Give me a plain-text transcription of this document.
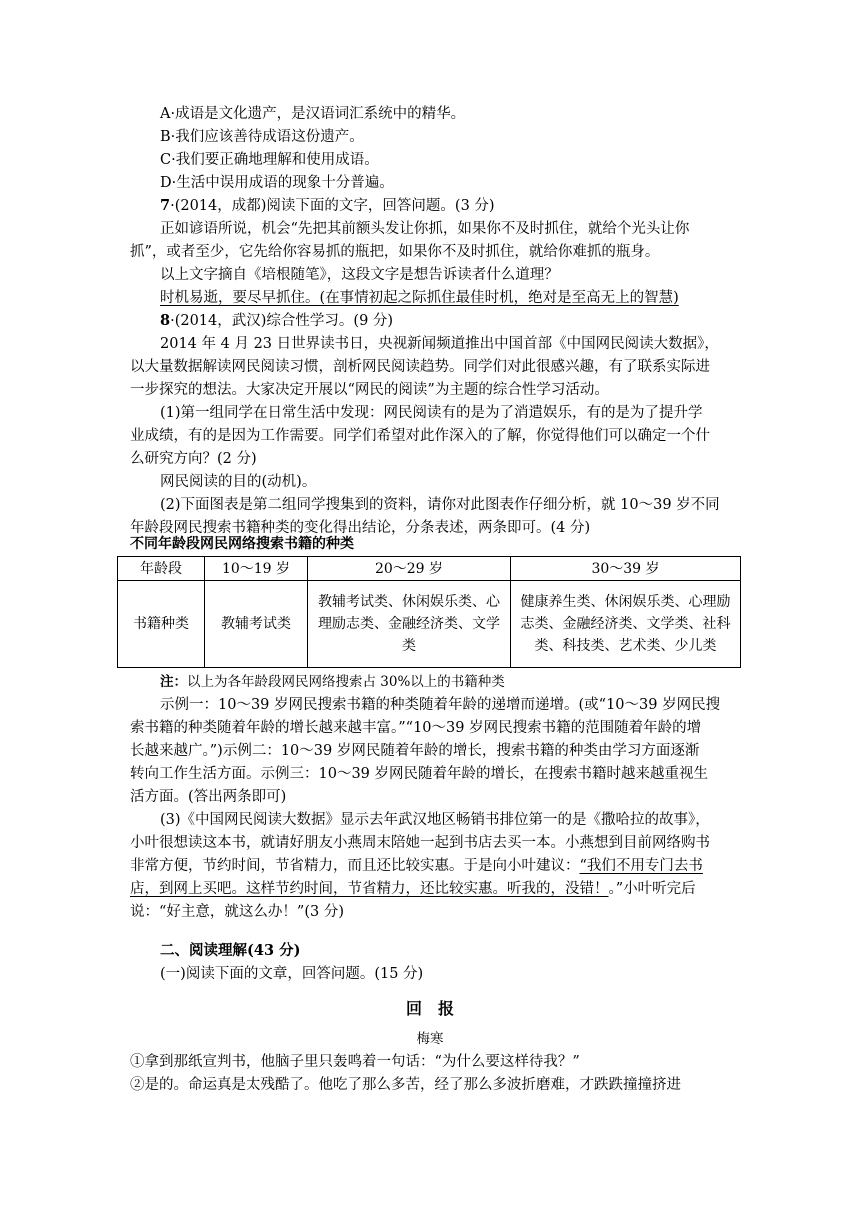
A·成语是文化遗产，是汉语词汇系统中的精华。
B·我们应该善待成语这份遗产。
C·我们要正确地理解和使用成语。
D·生活中误用成语的现象十分普遍。
7·(2014，成都)阅读下面的文字，回答问题。(3 分)
正如谚语所说，机会“先把其前额头发让你抓，如果你不及时抓住，就给个光头让你
抓”，或者至少，它先给你容易抓的瓶把，如果你不及时抓住，就给你难抓的瓶身。
以上文字摘自《培根随笔》，这段文字是想告诉读者什么道理？
时机易逝，要尽早抓住。(在事情初起之际抓住最佳时机，绝对是至高无上的智慧)
8·(2014，武汉)综合性学习。(9 分)
2014 年 4 月 23 日世界读书日，央视新闻频道推出中国首部《中国网民阅读大数据》，
以大量数据解读网民阅读习惯，剖析网民阅读趋势。同学们对此很感兴趣，有了联系实际进
一步探究的想法。大家决定开展以“网民的阅读”为主题的综合性学习活动。
(1)第一组同学在日常生活中发现：网民阅读有的是为了消遣娱乐，有的是为了提升学
业成绩，有的是因为工作需要。同学们希望对此作深入的了解，你觉得他们可以确定一个什
么研究方向？(2 分)
网民阅读的目的(动机)。
(2)下面图表是第二组同学搜集到的资料，请你对此图表作仔细分析，就 10～39 岁不同
年龄段网民搜索书籍种类的变化得出结论，分条表述，两条即可。(4 分)
不同年龄段网民网络搜索书籍的种类
年龄段	10～19 岁	20～29 岁	30～39 岁
书籍种类	教辅考试类	教辅考试类、休闲娱乐类、心理励志类、金融经济类、文学类	健康养生类、休闲娱乐类、心理励志类、金融经济类、文学类、社科类、科技类、艺术类、少儿类
注：以上为各年龄段网民网络搜索占 30%以上的书籍种类
示例一：10～39 岁网民搜索书籍的种类随着年龄的递增而递增。(或“10～39 岁网民搜
索书籍的种类随着年龄的增长越来越丰富。”“10～39 岁网民搜索书籍的范围随着年龄的增
长越来越广。”)示例二：10～39 岁网民随着年龄的增长，搜索书籍的种类由学习方面逐渐
转向工作生活方面。示例三：10～39 岁网民随着年龄的增长，在搜索书籍时越来越重视生
活方面。(答出两条即可)
(3)《中国网民阅读大数据》显示去年武汉地区畅销书排位第一的是《撒哈拉的故事》，
小叶很想读这本书，就请好朋友小燕周末陪她一起到书店去买一本。小燕想到目前网络购书
非常方便，节约时间，节省精力，而且还比较实惠。于是向小叶建议：“我们不用专门去书
店，到网上买吧。这样节约时间，节省精力，还比较实惠。听我的，没错！。”小叶听完后
说：“好主意，就这么办！”(3 分)
二、阅读理解(43 分)
(一)阅读下面的文章，回答问题。(15 分)
回　报
梅寒
①拿到那纸宣判书，他脑子里只轰鸣着一句话：“为什么要这样待我？”
②是的。命运真是太残酷了。他吃了那么多苦，经了那么多波折磨难，才跌跌撞撞挤进
